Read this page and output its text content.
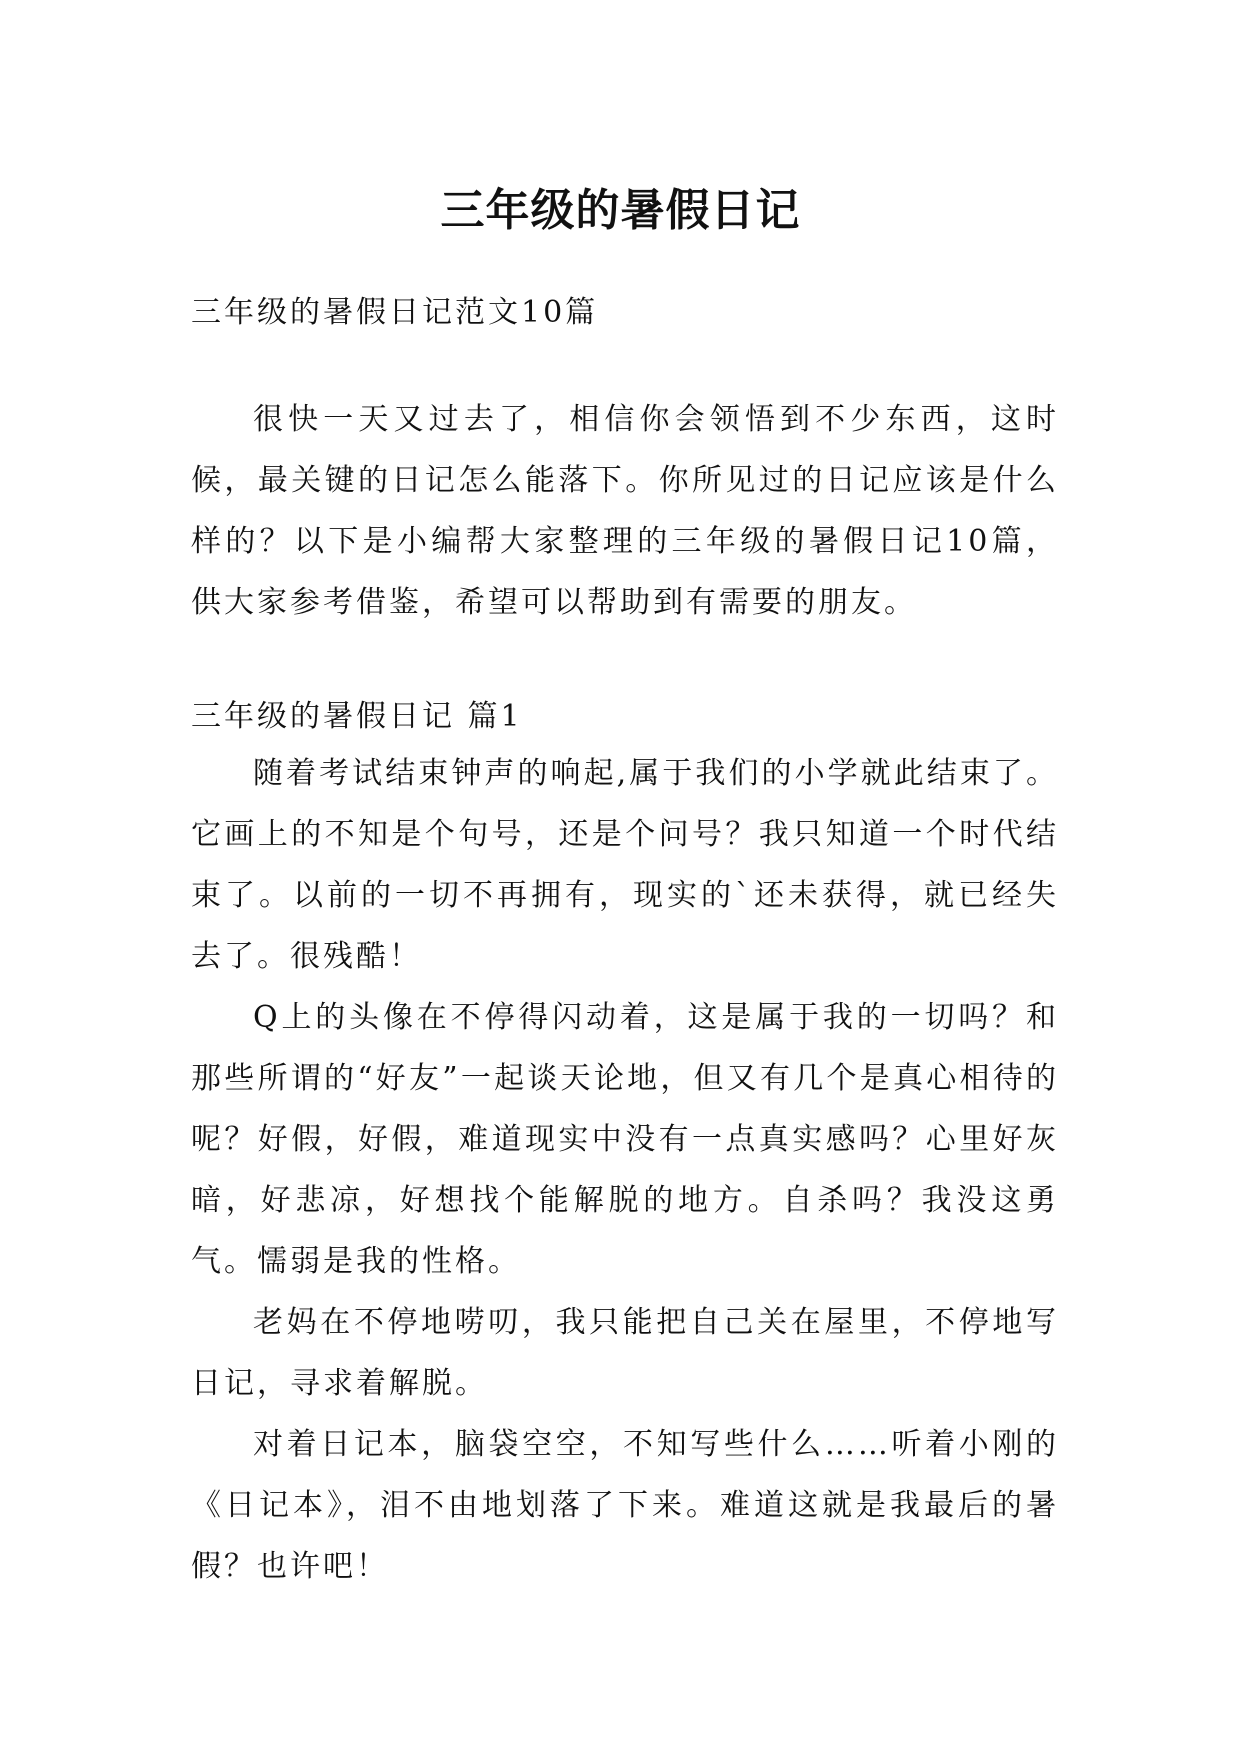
三年级的暑假日记

三年级的暑假日记范文10篇

很快一天又过去了，相信你会领悟到不少东西，这时候，最关键的日记怎么能落下。你所见过的日记应该是什么样的？以下是小编帮大家整理的三年级的暑假日记10篇，供大家参考借鉴，希望可以帮助到有需要的朋友。

三年级的暑假日记 篇1

随着考试结束钟声的响起,属于我们的小学就此结束了。它画上的不知是个句号，还是个问号？我只知道一个时代结束了。以前的一切不再拥有，现实的`还未获得，就已经失去了。很残酷！

Q上的头像在不停得闪动着，这是属于我的一切吗？和那些所谓的“好友”一起谈天论地，但又有几个是真心相待的呢？好假，好假，难道现实中没有一点真实感吗？心里好灰暗，好悲凉，好想找个能解脱的地方。自杀吗？我没这勇气。懦弱是我的性格。

老妈在不停地唠叨，我只能把自己关在屋里，不停地写日记，寻求着解脱。

对着日记本，脑袋空空，不知写些什么……听着小刚的《日记本》，泪不由地划落了下来。难道这就是我最后的暑假？也许吧！
